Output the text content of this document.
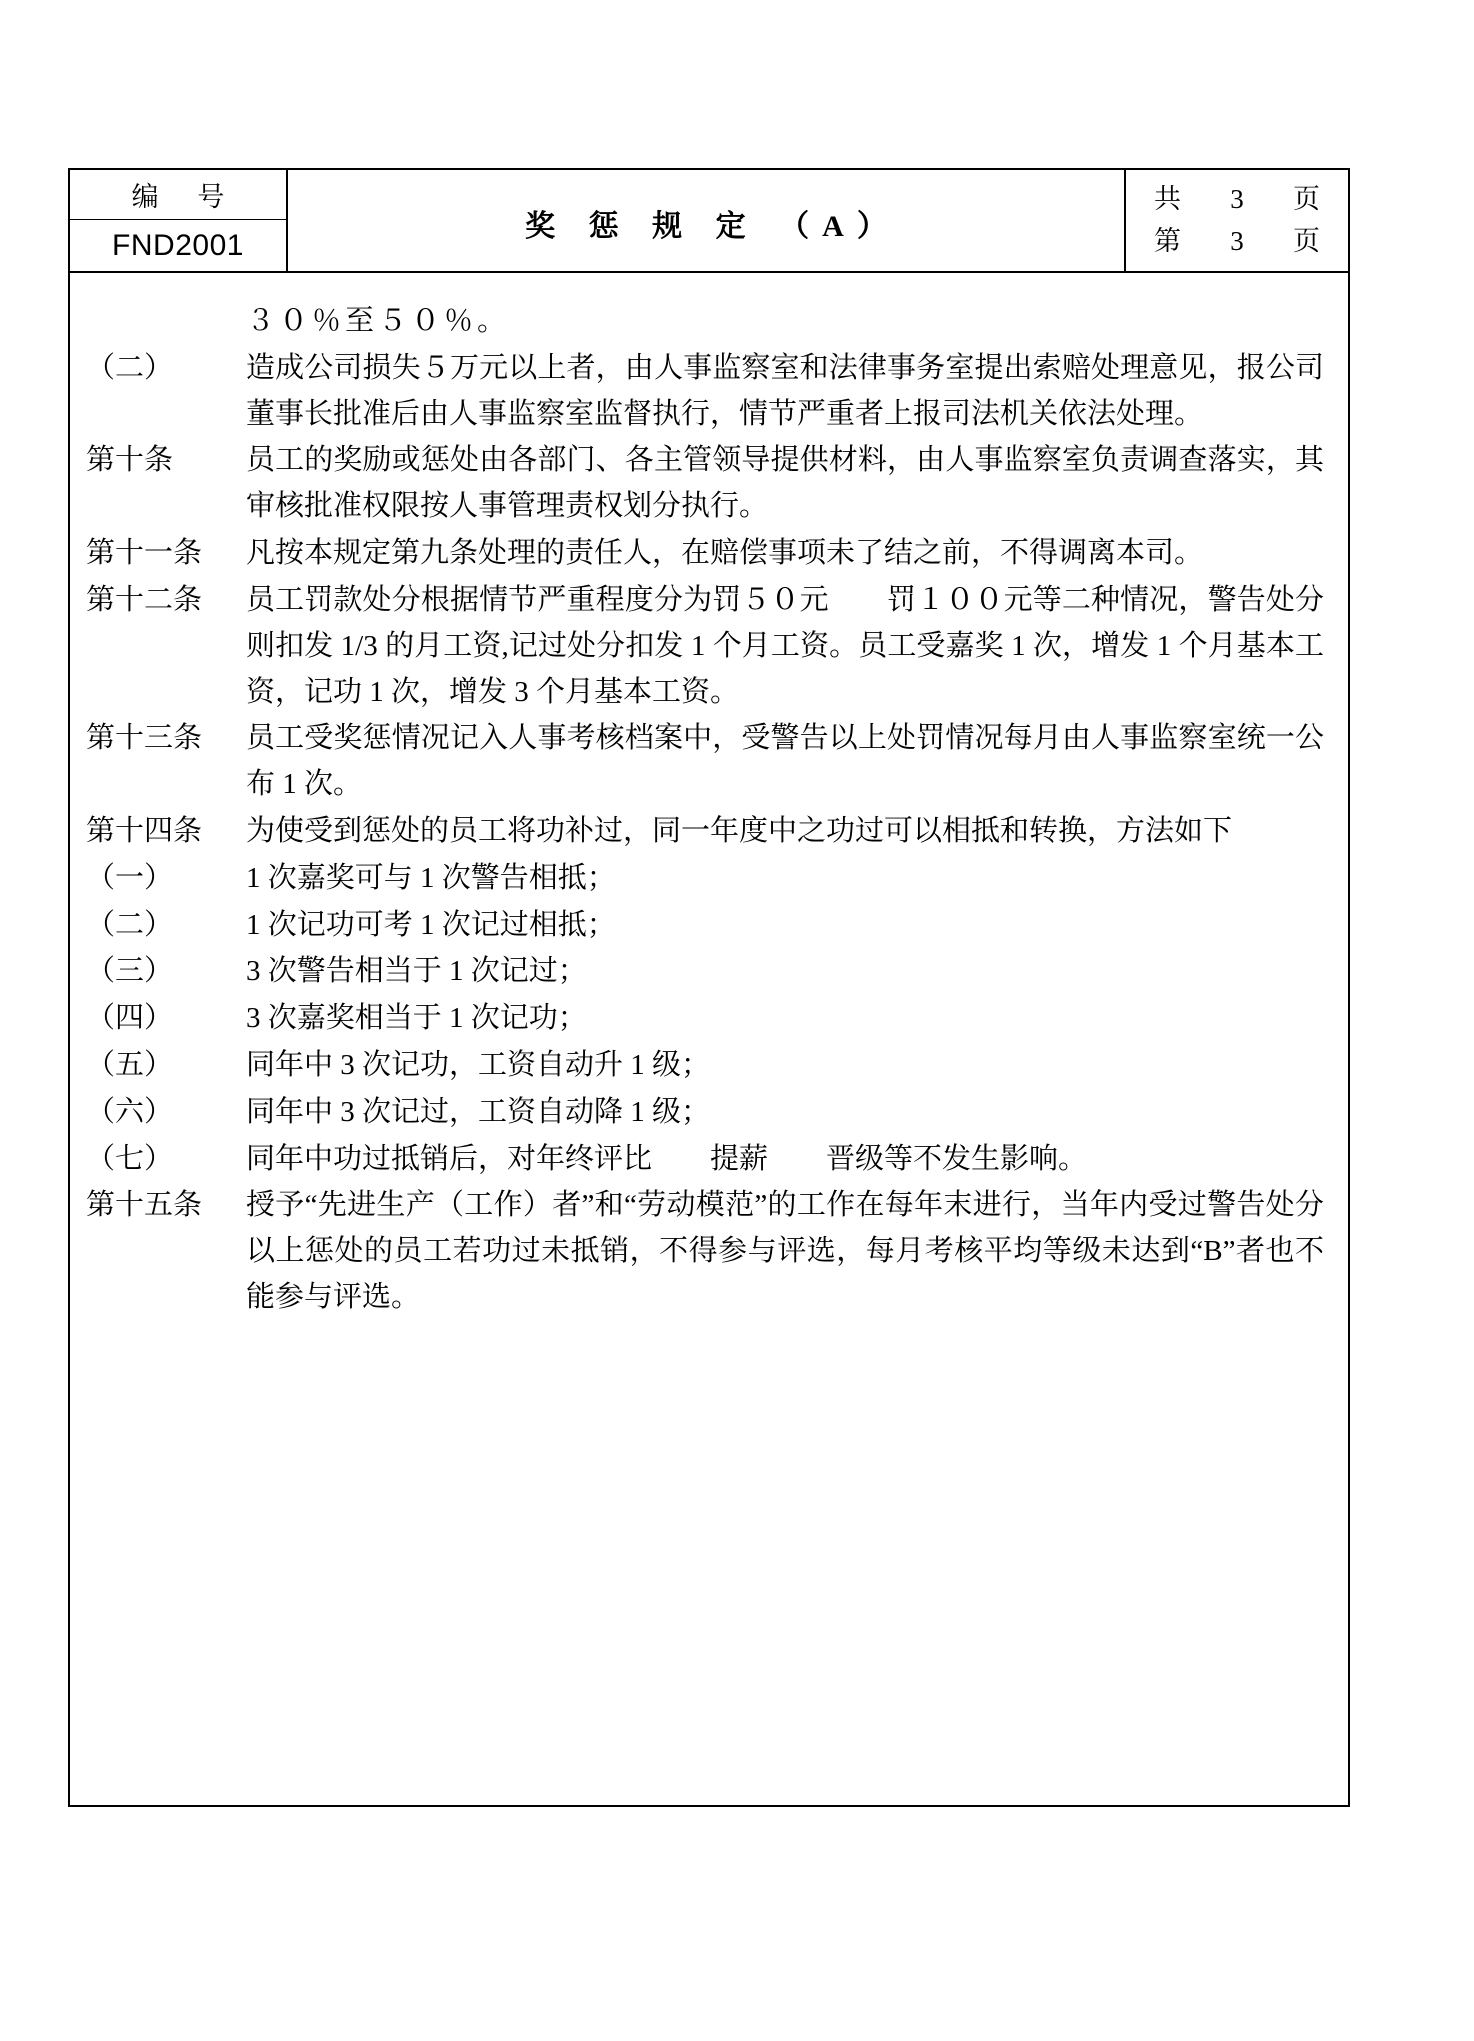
编 号
FND2001
奖 惩 规 定 （A）
共 3 页
第 3 页
３０％至５０％。
（二）	造成公司损失５万元以上者，由人事监察室和法律事务室提出索赔处理意见，报公司董事长批准后由人事监察室监督执行，情节严重者上报司法机关依法处理。
第十条	员工的奖励或惩处由各部门、各主管领导提供材料，由人事监察室负责调查落实，其审核批准权限按人事管理责权划分执行。
第十一条	凡按本规定第九条处理的责任人，在赔偿事项未了结之前，不得调离本司。
第十二条	员工罚款处分根据情节严重程度分为罚５０元　　罚１００元等二种情况，警告处分则扣发 1/3 的月工资,记过处分扣发 1 个月工资。员工受嘉奖 1 次，增发 1 个月基本工资，记功 1 次，增发 3 个月基本工资。
第十三条	员工受奖惩情况记入人事考核档案中，受警告以上处罚情况每月由人事监察室统一公布 1 次。
第十四条	为使受到惩处的员工将功补过，同一年度中之功过可以相抵和转换，方法如下
（一）	1 次嘉奖可与 1 次警告相抵；
（二）	1 次记功可考 1 次记过相抵；
（三）	3 次警告相当于 1 次记过；
（四）	3 次嘉奖相当于 1 次记功；
（五）	同年中 3 次记功，工资自动升 1 级；
（六）	同年中 3 次记过，工资自动降 1 级；
（七）	同年中功过抵销后，对年终评比　　提薪　　晋级等不发生影响。
第十五条	授予“先进生产（工作）者”和“劳动模范”的工作在每年末进行，当年内受过警告处分以上惩处的员工若功过未抵销，不得参与评选，每月考核平均等级未达到“B”者也不能参与评选。
